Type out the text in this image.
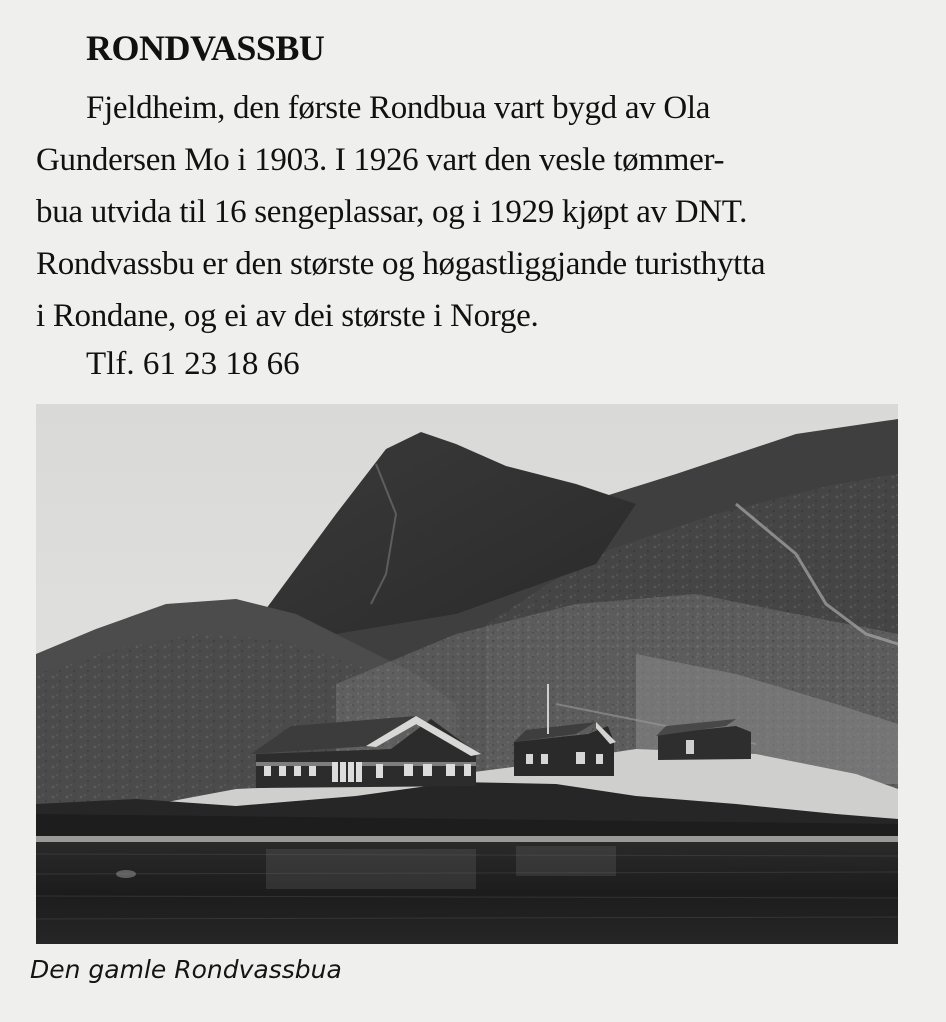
RONDVASSBU
Fjeldheim, den første Rondbua vart bygd av Ola
Gundersen Mo i 1903. I 1926 vart den vesle tømmer-
bua utvida til 16 sengeplassar, og i 1929 kjøpt av DNT.
Rondvassbu er den største og høgastliggjande turisthytta
i Rondane, og ei av dei største i Norge.

Tlf. 61 23 18 66

Den gamle Rondvassbua
